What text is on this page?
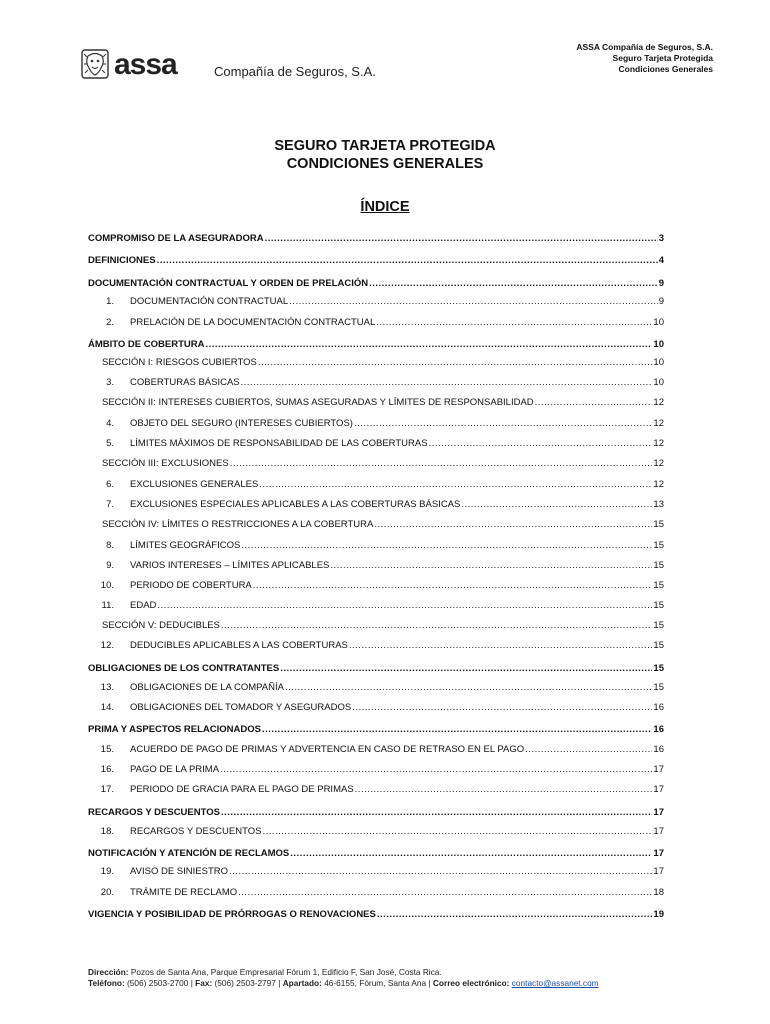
assa	Compañía de Seguros, S.A.
ASSA Compañía de Seguros, S.A.
Seguro Tarjeta Protegida
Condiciones Generales

SEGURO TARJETA PROTEGIDA

CONDICIONES GENERALES

ÍNDICE
COMPROMISO DE LA ASEGURADORA .....	3
DEFINICIONES .....	4
DOCUMENTACIÓN CONTRACTUAL Y ORDEN DE PRELACIÓN .....	9
1. DOCUMENTACIÓN CONTRACTUAL .....	9
2. PRELACIÓN DE LA DOCUMENTACIÓN CONTRACTUAL .....	10
ÁMBITO DE COBERTURA .....	10
SECCIÓN I: RIESGOS CUBIERTOS .....	10
3. COBERTURAS BÁSICAS .....	10
SECCIÓN II: INTERESES CUBIERTOS, SUMAS ASEGURADAS Y LÍMITES DE RESPONSABILIDAD .....	12
4. OBJETO DEL SEGURO (INTERESES CUBIERTOS) .....	12
5. LÍMITES MÁXIMOS DE RESPONSABILIDAD DE LAS COBERTURAS .....	12
SECCIÓN III: EXCLUSIONES .....	12
6. EXCLUSIONES GENERALES .....	12
7. EXCLUSIONES ESPECIALES APLICABLES A LAS COBERTURAS BÁSICAS .....	13
SECCIÓN IV: LÍMITES O RESTRICCIONES A LA COBERTURA .....	15
8. LÍMITES GEOGRÁFICOS .....	15
9. VARIOS INTERESES – LÍMITES APLICABLES .....	15
10. PERIODO DE COBERTURA .....	15
11. EDAD .....	15
SECCIÓN V: DEDUCIBLES .....	15
12. DEDUCIBLES APLICABLES A LAS COBERTURAS .....	15
OBLIGACIONES DE LOS CONTRATANTES .....	15
13. OBLIGACIONES DE LA COMPAÑÍA .....	15
14. OBLIGACIONES DEL TOMADOR Y ASEGURADOS .....	16
PRIMA Y ASPECTOS RELACIONADOS .....	16
15. ACUERDO DE PAGO DE PRIMAS Y ADVERTENCIA EN CASO DE RETRASO EN EL PAGO .....	16
16. PAGO DE LA PRIMA .....	17
17. PERIODO DE GRACIA PARA EL PAGO DE PRIMAS .....	17
RECARGOS Y DESCUENTOS .....	17
18. RECARGOS Y DESCUENTOS .....	17
NOTIFICACIÓN Y ATENCIÓN DE RECLAMOS .....	17
19. AVISO DE SINIESTRO .....	17
20. TRÁMITE DE RECLAMO .....	18
VIGENCIA Y POSIBILIDAD DE PRÓRROGAS O RENOVACIONES .....	19
Dirección: Pozos de Santa Ana, Parque Empresarial Fórum 1, Edificio F, San José, Costa Rica.
Teléfono: (506) 2503-2700 | Fax: (506) 2503-2797 | Apartado: 46-6155, Fórum, Santa Ana | Correo electrónico: contacto@assanet.com
